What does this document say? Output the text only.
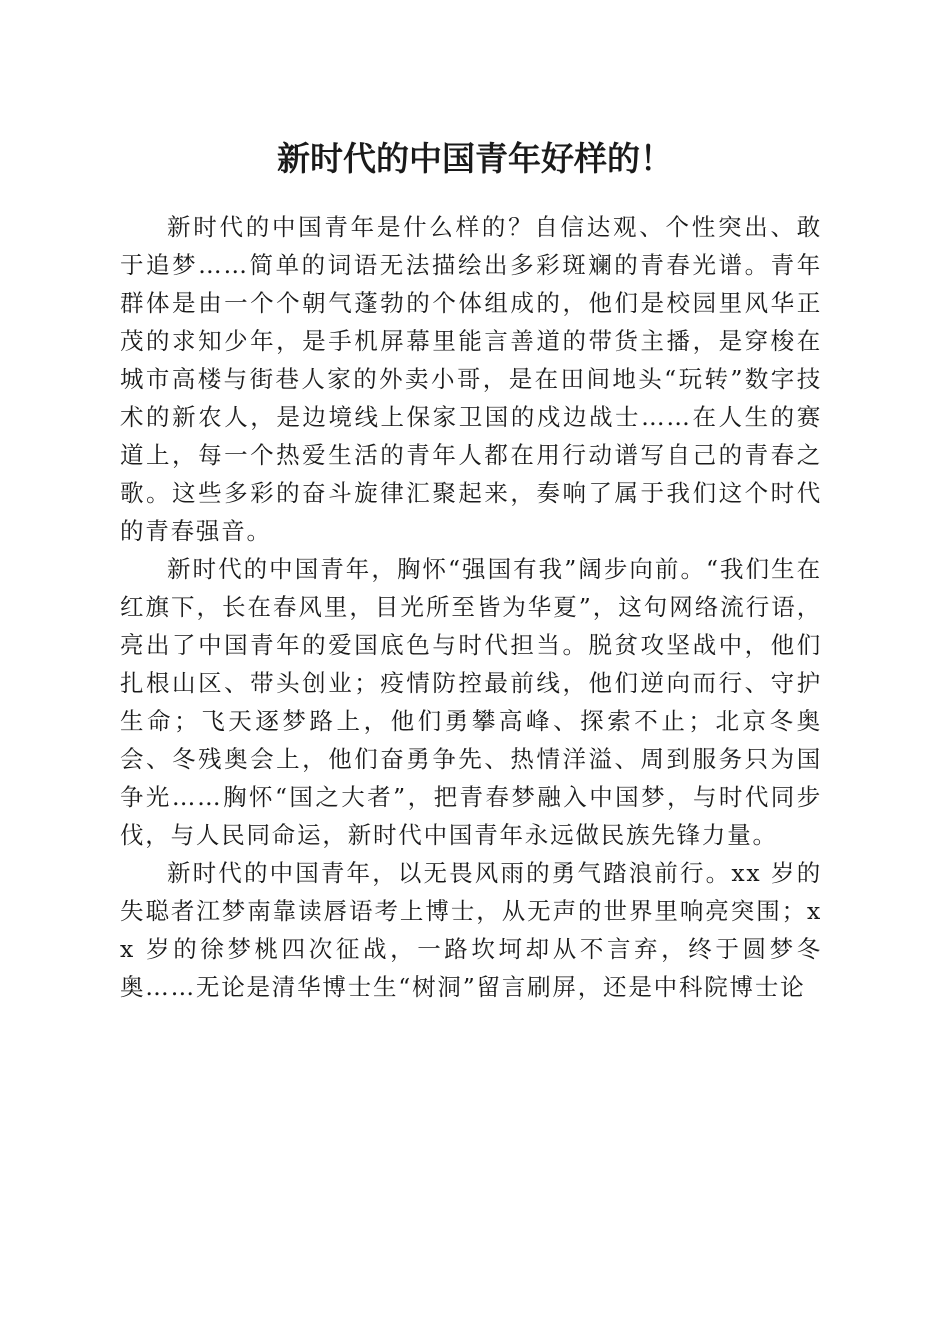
新时代的中国青年好样的！

新时代的中国青年是什么样的？自信达观、个性突出、敢于追梦……简单的词语无法描绘出多彩斑斓的青春光谱。青年群体是由一个个朝气蓬勃的个体组成的，他们是校园里风华正茂的求知少年，是手机屏幕里能言善道的带货主播，是穿梭在城市高楼与街巷人家的外卖小哥，是在田间地头“玩转”数字技术的新农人，是边境线上保家卫国的戍边战士……在人生的赛道上，每一个热爱生活的青年人都在用行动谱写自己的青春之歌。这些多彩的奋斗旋律汇聚起来，奏响了属于我们这个时代的青春强音。

新时代的中国青年，胸怀“强国有我”阔步向前。“我们生在红旗下，长在春风里，目光所至皆为华夏”，这句网络流行语，亮出了中国青年的爱国底色与时代担当。脱贫攻坚战中，他们扎根山区、带头创业；疫情防控最前线，他们逆向而行、守护生命；飞天逐梦路上，他们勇攀高峰、探索不止；北京冬奥会、冬残奥会上，他们奋勇争先、热情洋溢、周到服务只为国争光……胸怀“国之大者”，把青春梦融入中国梦，与时代同步伐，与人民同命运，新时代中国青年永远做民族先锋力量。

新时代的中国青年，以无畏风雨的勇气踏浪前行。xx 岁的失聪者江梦南靠读唇语考上博士，从无声的世界里响亮突围；xx 岁的徐梦桃四次征战，一路坎坷却从不言弃，终于圆梦冬奥……无论是清华博士生“树洞”留言刷屏，还是中科院博士论
